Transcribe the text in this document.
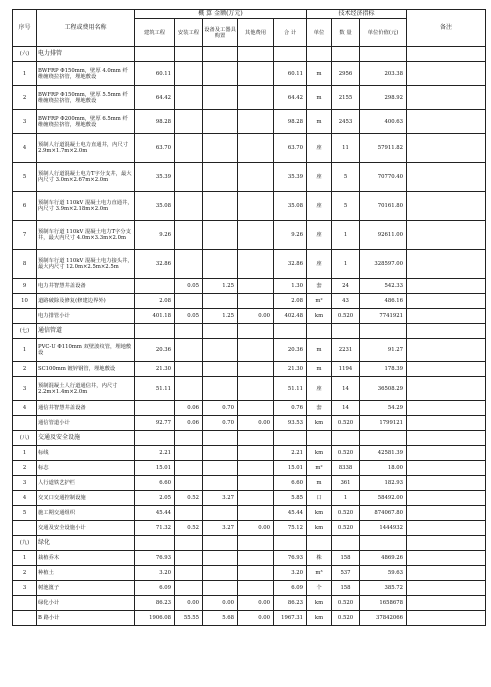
序号	工程或费用名称	概 算 金额(万元)					技术经济指标			备注
		建筑工程	安装工程	设备及工器具购置	其他费用	合 计	单位	数 量	单位价值(元)	
(六)	电力排管									
1	BWFRP Φ150mm，壁厚 4.0mm 纤维缠绕拉挤管，埋地敷设	60.11				60.11	m	2956	203.38	
2	BWFRP Φ150mm，壁厚 5.5mm 纤维缠绕拉挤管，埋地敷设	64.42				64.42	m	2155	298.92	
3	BWFRP Φ200mm，壁厚 6.5mm 纤维缠绕拉挤管，埋地敷设	98.28				98.28	m	2453	400.63	
4	预制人行道混凝土电力直通井，内尺寸 2.9m×1.7m×2.0m	63.70				63.70	座	11	57911.82	
5	预制人行道混凝土电力T字分支井，最大内尺寸 3.0m×2.67m×2.0m	35.39				35.39	座	5	70770.40	
6	预制车行道 110kV 混凝土电力直通井，内尺寸 3.9m×2.18m×2.0m	35.08				35.08	座	5	70161.80	
7	预制车行道 110kV 混凝土电力T字分支井，最大内尺寸 4.0m×3.3m×2.0m	9.26				9.26	座	1	92611.00	
8	预制车行道 110kV 混凝土电力接头井，最大内尺寸 12.0m×2.5m×2.5m	32.86				32.86	座	1	328597.00	
9	电力井智慧井盖设备		0.05	1.25		1.30	套	24	542.33	
10	道路破除及修复(修建边界外)	2.08				2.08	m²	43	486.16	
	电力排管小计	401.18	0.05	1.25	0.00	402.48	km	0.520	7741921	
(七)	通信管道									
1	PVC-U Φ110mm 双壁波纹管，埋地敷设	20.36				20.36	m	2231	91.27	
2	SC100mm 镀锌钢管，埋地敷设	21.30				21.30	m	1194	178.39	
3	预制混凝土人行道通信井，内尺寸 2.2m×1.4m×2.0m	51.11				51.11	座	14	36508.29	
4	通信井智慧井盖设备		0.06	0.70		0.76	套	14	54.29	
	通信管道小计	92.77	0.06	0.70	0.00	93.53	km	0.520	1799121	
(八)	交通及安全设施									
1	标线	2.21				2.21	km	0.520	42581.39	
2	标志	15.01				15.01	m²	8338	18.00	
3	人行道铁艺护栏	6.60				6.60	m	361	182.93	
4	交叉口交通控制设施	2.05	0.52	3.27		5.85	口	1	58492.00	
5	施工期交通组织	45.44				45.44	km	0.520	874067.80	
	交通及安全设施小计	71.32	0.52	3.27	0.00	75.12	km	0.520	1444932	
(九)	绿化									
1	栽植乔木	76.93				76.93	株	158	4869.26	
2	种植土	3.20				3.20	m³	537	59.63	
3	树池篦子	6.09				6.09	个	158	385.72	
	绿化小计	86.23	0.00	0.00	0.00	86.23	km	0.520	1658678	
	B 路小计	1906.08	55.55	5.68	0.00	1967.31	km	0.520	37842066	
